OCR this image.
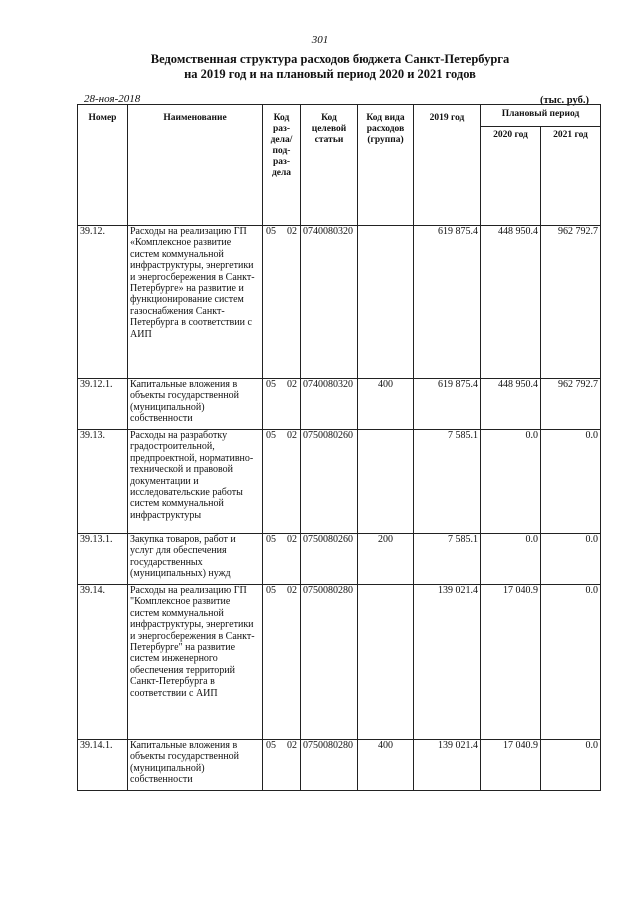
301
Ведомственная структура расходов бюджета Санкт-Петербурга
на 2019 год и на плановый период 2020 и 2021 годов
28-ноя-2018	(тыс. руб.)
Номер	Наименование	Код раз- дела/ под- раз- дела	Код целевой статьи	Код вида расходов (группа)	2019 год	Плановый период	
						2020 год	2021 год
39.12.	Расходы на реализацию ГП «Комплексное развитие систем коммунальной инфраструктуры, энергетики и энергосбережения в Санкт-Петербурге» на развитие и функционирование систем газоснабжения Санкт-Петербурга в соответствии с АИП	05 02	0740080320		619 875.4	448 950.4	962 792.7
39.12.1.	Капитальные вложения в объекты государственной (муниципальной) собственности	05 02	0740080320	400	619 875.4	448 950.4	962 792.7
39.13.	Расходы на разработку градостроительной, предпроектной, нормативно-технической и правовой документации и исследовательские работы систем коммунальной инфраструктуры	05 02	0750080260		7 585.1	0.0	0.0
39.13.1.	Закупка товаров, работ и услуг для обеспечения государственных (муниципальных) нужд	05 02	0750080260	200	7 585.1	0.0	0.0
39.14.	Расходы на реализацию ГП "Комплексное развитие систем коммунальной инфраструктуры, энергетики и энергосбережения в Санкт-Петербурге" на развитие систем инженерного обеспечения территорий Санкт-Петербурга в соответствии с АИП	05 02	0750080280		139 021.4	17 040.9	0.0
39.14.1.	Капитальные вложения в объекты государственной (муниципальной) собственности	05 02	0750080280	400	139 021.4	17 040.9	0.0
